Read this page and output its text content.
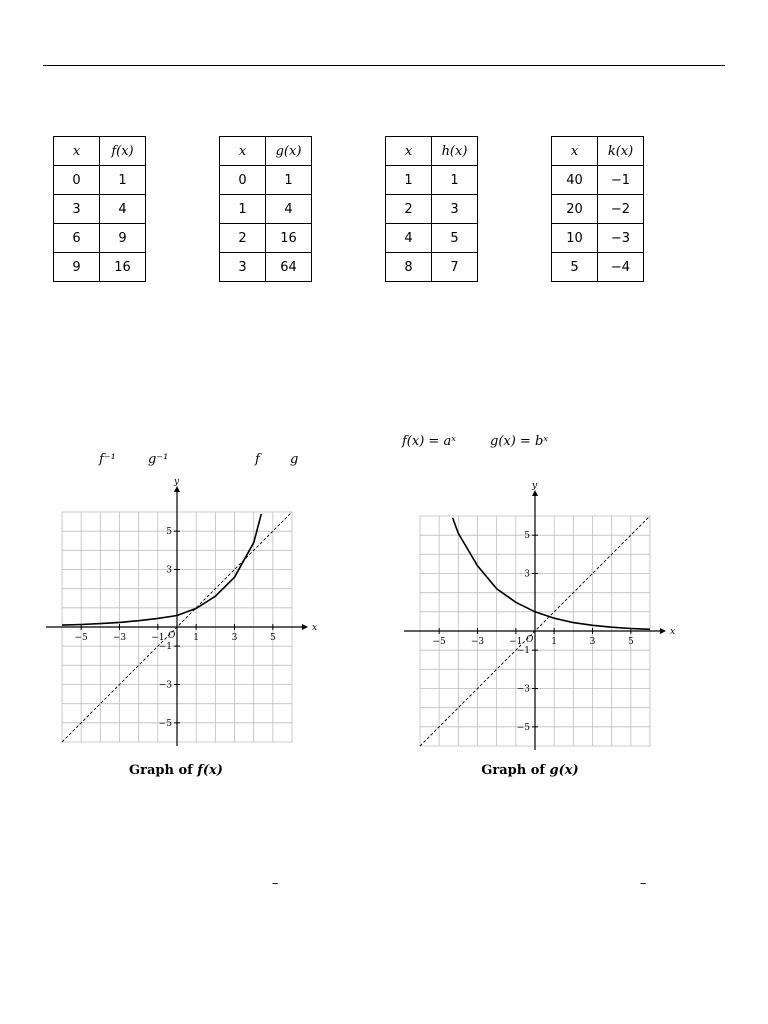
x	f(x)
0	1
3	4
6	9
9	16
x	g(x)
0	1
1	4
2	16
3	64
x	h(x)
1	1
2	3
4	5
8	7
x	k(x)
40	−1
20	−2
10	−3
5	−4
f⁻¹ g⁻¹	f g
f(x) = aˣ	g(x) = bˣ
x
y
−5	−3	−1	1	3	5
5
3
−1
−3
−5
O
Graph of f(x)
x
y
−5	−3	−1	1	3	5
5
3
−1
−3
−5
O
Graph of g(x)
–	–
